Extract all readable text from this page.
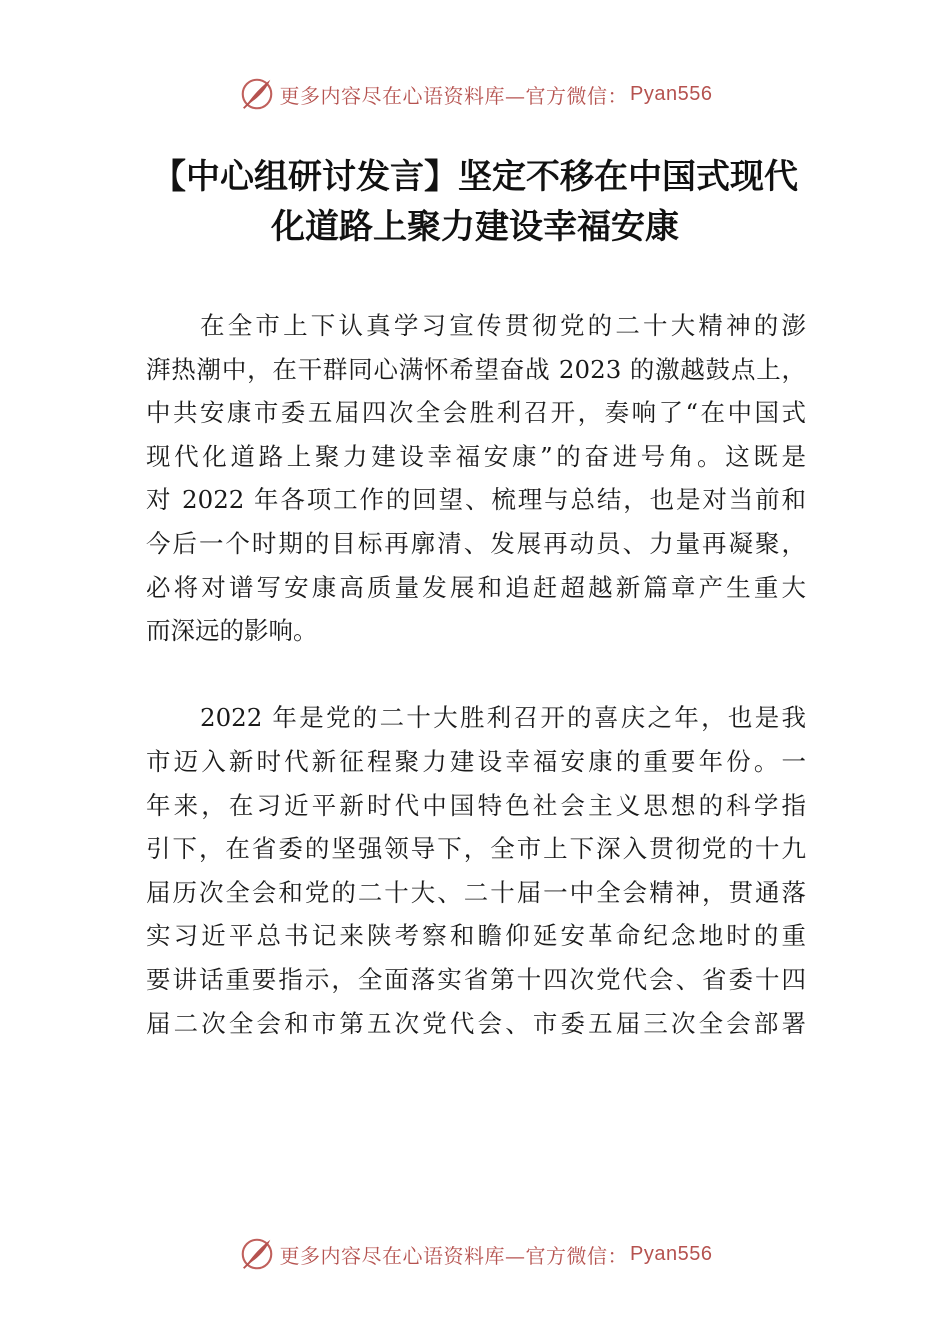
更多内容尽在心语资料库—官方微信： Pyan556
【中心组研讨发言】坚定不移在中国式现代
化道路上聚力建设幸福安康
在全市上下认真学习宣传贯彻党的二十大精神的澎
湃热潮中，在干群同心满怀希望奋战 2023 的激越鼓点上，
中共安康市委五届四次全会胜利召开，奏响了“在中国式
现代化道路上聚力建设幸福安康”的奋进号角。这既是
对 2022 年各项工作的回望、梳理与总结，也是对当前和
今后一个时期的目标再廓清、发展再动员、力量再凝聚，
必将对谱写安康高质量发展和追赶超越新篇章产生重大
而深远的影响。
2022 年是党的二十大胜利召开的喜庆之年，也是我
市迈入新时代新征程聚力建设幸福安康的重要年份。一
年来，在习近平新时代中国特色社会主义思想的科学指
引下，在省委的坚强领导下，全市上下深入贯彻党的十九
届历次全会和党的二十大、二十届一中全会精神，贯通落
实习近平总书记来陕考察和瞻仰延安革命纪念地时的重
要讲话重要指示，全面落实省第十四次党代会、省委十四
届二次全会和市第五次党代会、市委五届三次全会部署
更多内容尽在心语资料库—官方微信： Pyan556
